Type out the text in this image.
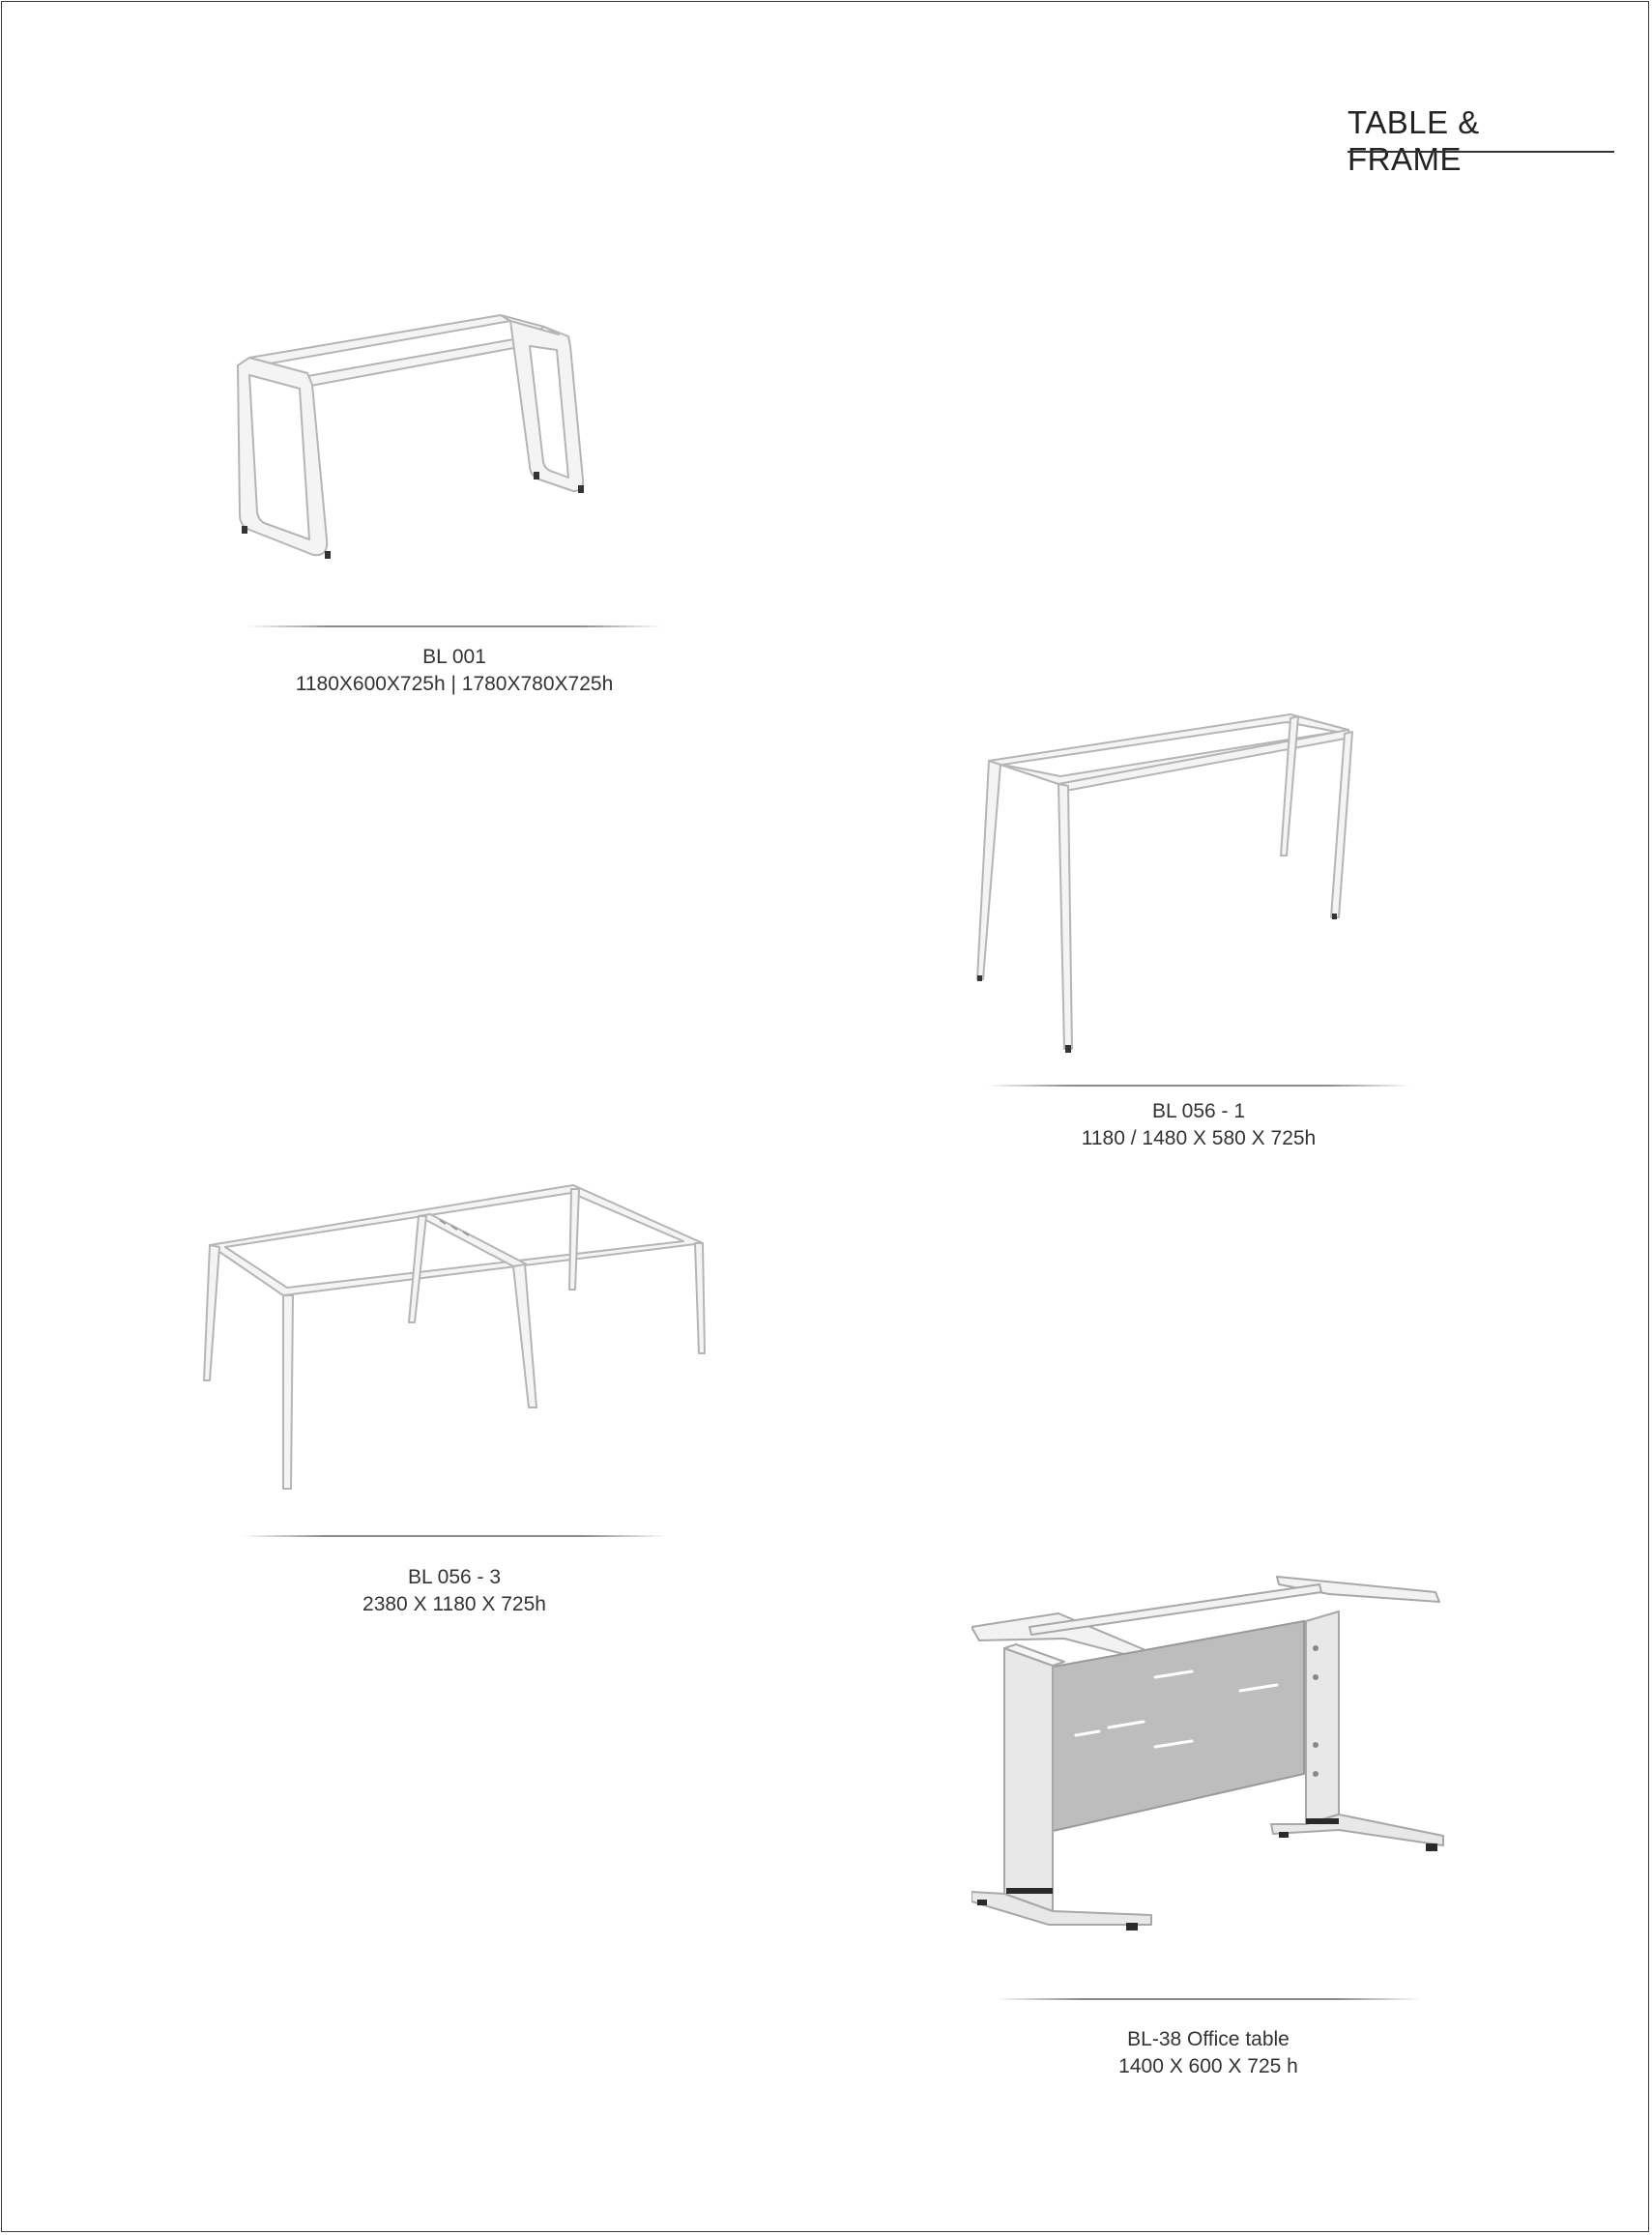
TABLE & FRAME
BL 001
1180X600X725h | 1780X780X725h
BL 056 - 1
1180 / 1480 X 580 X 725h
BL 056 - 3
2380 X 1180 X 725h
BL-38 Office table
1400 X 600 X 725 h
